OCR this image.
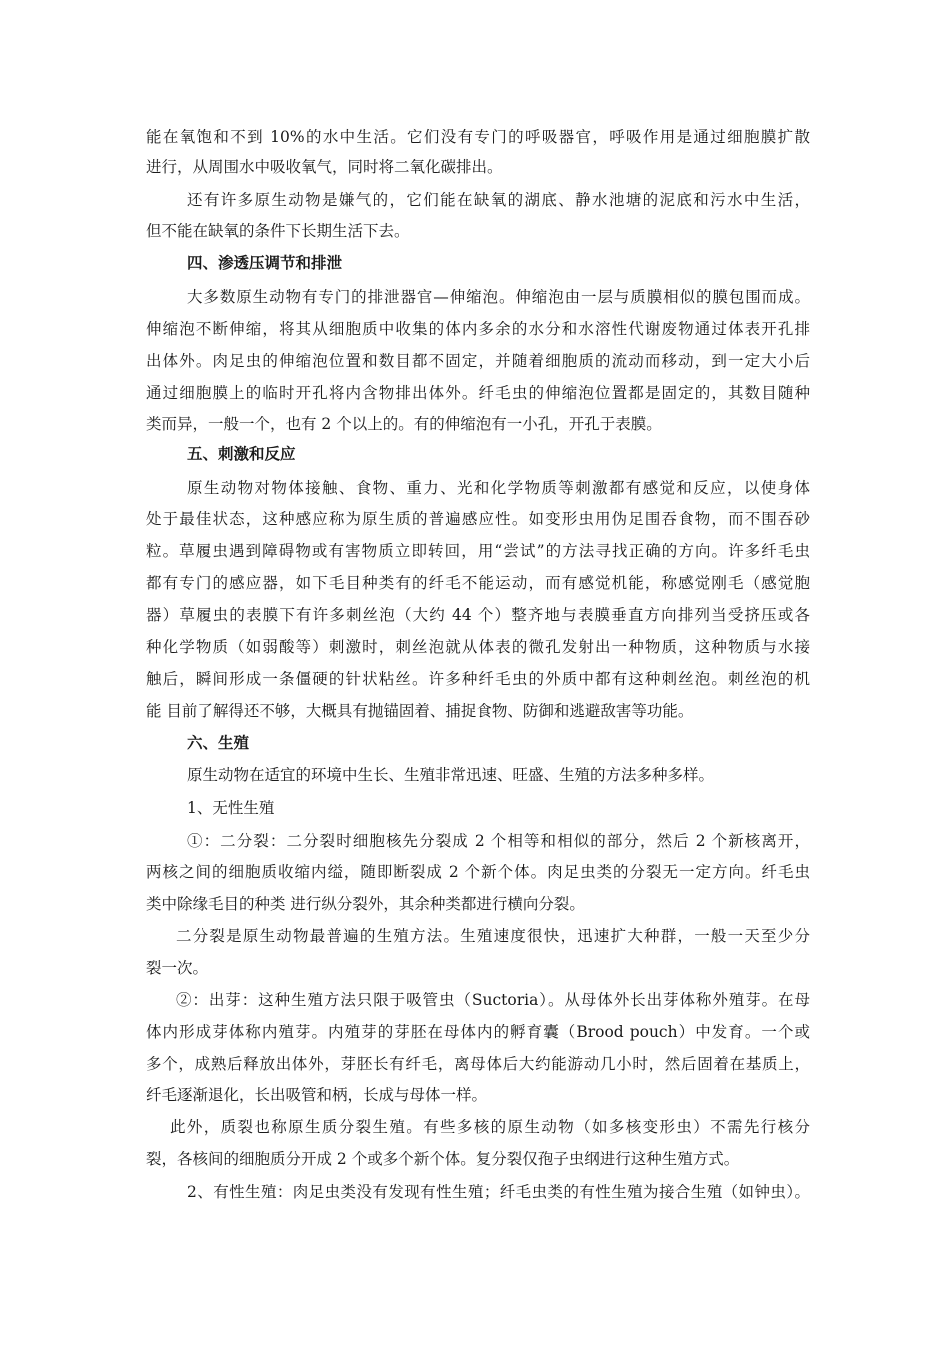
能在氧饱和不到 10%的水中生活。它们没有专门的呼吸器官，呼吸作用是通过细胞膜扩散
进行，从周围水中吸收氧气，同时将二氧化碳排出。
还有许多原生动物是嫌气的，它们能在缺氧的湖底、静水池塘的泥底和污水中生活，
但不能在缺氧的条件下长期生活下去。
四、渗透压调节和排泄
大多数原生动物有专门的排泄器官—伸缩泡。伸缩泡由一层与质膜相似的膜包围而成。
伸缩泡不断伸缩，将其从细胞质中收集的体内多余的水分和水溶性代谢废物通过体表开孔排
出体外。肉足虫的伸缩泡位置和数目都不固定，并随着细胞质的流动而移动，到一定大小后
通过细胞膜上的临时开孔将内含物排出体外。纤毛虫的伸缩泡位置都是固定的，其数目随种
类而异，一般一个，也有 2 个以上的。有的伸缩泡有一小孔，开孔于表膜。
五、刺激和反应
原生动物对物体接触、食物、重力、光和化学物质等刺激都有感觉和反应，以使身体
处于最佳状态，这种感应称为原生质的普遍感应性。如变形虫用伪足围吞食物，而不围吞砂
粒。草履虫遇到障碍物或有害物质立即转回，用“尝试”的方法寻找正确的方向。许多纤毛虫
都有专门的感应器，如下毛目种类有的纤毛不能运动，而有感觉机能，称感觉刚毛（感觉胞
器）草履虫的表膜下有许多刺丝泡（大约 44 个）整齐地与表膜垂直方向排列当受挤压或各
种化学物质（如弱酸等）刺激时，刺丝泡就从体表的微孔发射出一种物质，这种物质与水接
触后，瞬间形成一条僵硬的针状粘丝。许多种纤毛虫的外质中都有这种刺丝泡。刺丝泡的机
能 目前了解得还不够，大概具有抛锚固着、捕捉食物、防御和逃避敌害等功能。
六、生殖
原生动物在适宜的环境中生长、生殖非常迅速、旺盛、生殖的方法多种多样。
1、无性生殖
①：二分裂：二分裂时细胞核先分裂成 2 个相等和相似的部分，然后 2 个新核离开，
两核之间的细胞质收缩内缢，随即断裂成 2 个新个体。肉足虫类的分裂无一定方向。纤毛虫
类中除缘毛目的种类 进行纵分裂外，其余种类都进行横向分裂。
二分裂是原生动物最普遍的生殖方法。生殖速度很快，迅速扩大种群，一般一天至少分
裂一次。
②：出芽：这种生殖方法只限于吸管虫（Suctoria）。从母体外长出芽体称外殖芽。在母
体内形成芽体称内殖芽。内殖芽的芽胚在母体内的孵育囊（Brood pouch）中发育。一个或
多个，成熟后释放出体外，芽胚长有纤毛，离母体后大约能游动几小时，然后固着在基质上，
纤毛逐渐退化，长出吸管和柄，长成与母体一样。
此外，质裂也称原生质分裂生殖。有些多核的原生动物（如多核变形虫）不需先行核分
裂，各核间的细胞质分开成 2 个或多个新个体。复分裂仅孢子虫纲进行这种生殖方式。
2、有性生殖：肉足虫类没有发现有性生殖；纤毛虫类的有性生殖为接合生殖（如钟虫）。
